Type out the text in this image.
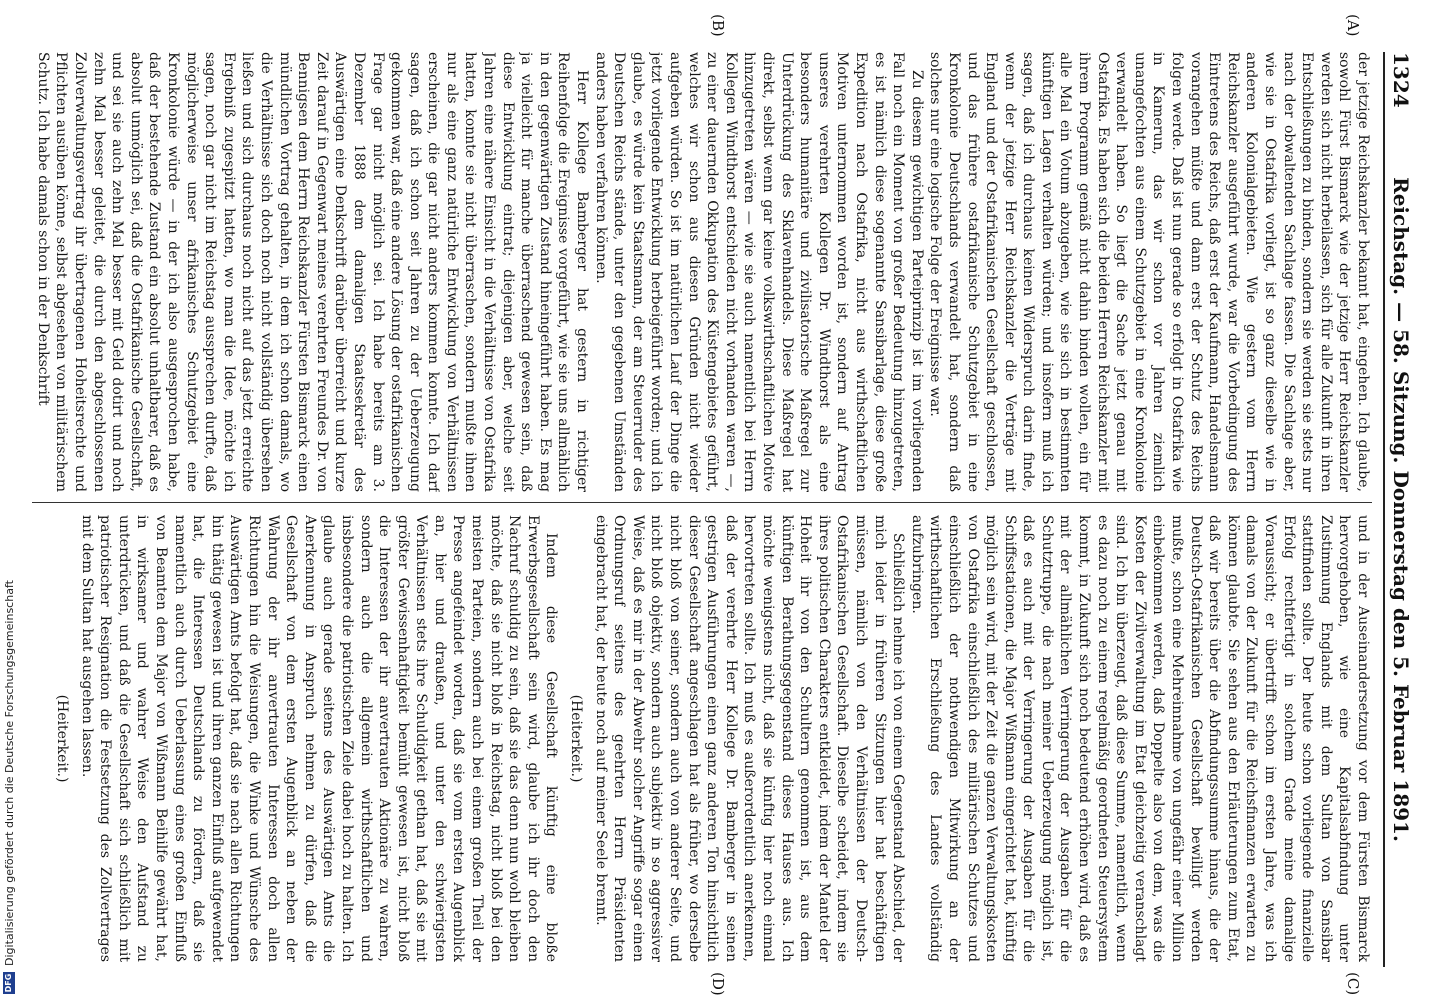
1324
Reichstag. — 58. Sitzung. Donnerstag den 5. Februar 1891.
(A)
(B)
(C)
(D)

der jetzige Reichskanzler bekannt hat, eingehen. Ich glaube, sowohl Fürst Bismarck wie der jetzige Herr Reichskanzler werden sich nicht herbeilassen, sich für alle Zukunft in ihren Entschließungen zu binden, sondern sie werden sie stets nur nach der obwaltenden Sachlage fassen. Die Sachlage aber, wie sie in Ostafrika vorliegt, ist so ganz dieselbe wie in anderen Kolonialgebieten. Wie gestern vom Herrn Reichskanzler ausgeführt wurde, war die Vorbedingung des Eintretens des Reichs, daß erst der Kaufmann, Handelsmann vorangehen müßte und dann erst der Schutz des Reichs folgen werde. Daß ist nun gerade so erfolgt in Ostafrika wie in Kamerun, das wir schon vor Jahren ziemlich unangefochten aus einem Schutzgebiet in eine Kronkolonie verwandelt haben. So liegt die Sache jetzt genau mit Ostafrika. Es haben sich die beiden Herren Reichskanzler mit ihrem Programm gemäß nicht dahin binden wollen, ein für alle Mal ein Votum abzugeben, wie sie sich in bestimmten künftigen Lagen verhalten würden; und insofern muß ich sagen, daß ich durchaus keinen Widerspruch darin finde, wenn der jetzige Herr Reichskanzler die Verträge mit England und der Ostafrikanischen Gesellschaft geschlossen, und das frühere ostafrikanische Schutzgebiet in eine Kronkolonie Deutschlands verwandelt hat, sondern daß solches nur eine logische Folge der Ereignisse war.

Zu diesem gewichtigen Parteiprinzip ist im vorliegenden Fall noch ein Moment von großer Bedeutung hinzugetreten, es ist nämlich diese sogenannte Sansibarlage, diese große Expedition nach Ostafrika, nicht aus wirthschaftlichen Motiven unternommen worden ist, sondern auf Antrag unseres verehrten Kollegen Dr. Windthorst als eine besonders humanitäre und zivilisatorische Maßregel zur Unterdrückung des Sklavenhandels. Diese Maßregel hat direkt, selbst wenn gar keine volkswirthschaftlichen Motive hinzugetreten wären — wie sie auch namentlich bei Herrn Kollegen Windthorst entschieden nicht vorhanden waren —, zu einer dauernden Okkupation des Küstengebietes geführt, welches wir schon aus diesen Gründen nicht wieder aufgeben würden. So ist im natürlichen Lauf der Dinge die jetzt vorliegende Entwicklung herbeigeführt worden; und ich glaube, es würde kein Staatsmann, der am Steuerruder des Deutschen Reichs stände, unter den gegebenen Umständen anders haben verfahren können.

Herr Kollege Bamberger hat gestern in richtiger Reihenfolge die Ereignisse vorgeführt, wie sie uns allmählich in den gegenwärtigen Zustand hineingeführt haben. Es mag ja vielleicht für manche überraschend gewesen sein, daß diese Entwicklung eintrat; diejenigen aber, welche seit Jahren eine nähere Einsicht in die Verhältnisse von Ostafrika hatten, konnte sie nicht überraschen, sondern mußte ihnen nur als eine ganz natürliche Entwicklung von Verhältnissen erscheinen, die gar nicht anders kommen konnte. Ich darf sagen, daß ich schon seit Jahren zu der Ueberzeugung gekommen war, daß eine andere Lösung der ostafrikanischen Frage gar nicht möglich sei. Ich habe bereits am 3. Dezember 1888 dem damaligen Staatssekretär des Auswärtigen eine Denkschrift darüber überreicht und kurze Zeit darauf in Gegenwart meines verehrten Freundes Dr. von Bennigsen dem Herrn Reichskanzler Fürsten Bismarck einen mündlichen Vortrag gehalten, in dem ich schon damals, wo die Verhältnisse sich doch noch nicht vollständig übersehen ließen und sich durchaus noch nicht auf das jetzt erreichte Ergebniß zugespitzt hatten, wo man die Idee, möchte ich sagen, noch gar nicht im Reichstag aussprechen durfte, daß möglicherweise unser afrikanisches Schutzgebiet eine Kronkolonie würde — in der ich also ausgesprochen habe, daß der bestehende Zustand ein absolut unhaltbarer, daß es absolut unmöglich sei, daß die Ostafrikanische Gesellschaft, und sei sie auch zehn Mal besser mit Geld dotirt und noch zehn Mal besser geleitet, die durch den abgeschlossenen Zollverwaltungsvertrag ihr übertragenen Hoheitsrechte und Pflichten ausüben könne, selbst abgesehen von militärischem Schutz. Ich habe damals schon in der Denkschrift

und in der Auseinandersetzung vor dem Fürsten Bismarck hervorgehoben, wie eine Kapitalsabfindung unter Zustimmung Englands mit dem Sultan von Sansibar stattfinden sollte. Der heute schon vorliegende finanzielle Erfolg rechtfertigt in solchem Grade meine damalige Voraussicht; er übertrifft schon im ersten Jahre, was ich damals von der Zukunft für die Reichsfinanzen erwarten zu können glaubte. Sie sehen aus den Erläuterungen zum Etat, daß wir bereits über die Abfindungssumme hinaus, die der Deutsch-Ostafrikanischen Gesellschaft bewilligt werden mußte, schon eine Mehreinnahme von ungefähr einer Million einbekommen werden, daß Doppelte also von dem, was die Kosten der Zivilverwaltung im Etat gleichzeitig veranschlagt sind. Ich bin überzeugt, daß diese Summe, namentlich, wenn es dazu noch zu einem regelmäßig geordneten Steuersystem kommt, in Zukunft sich noch bedeutend erhöhen wird, daß es mit der allmählichen Verringerung der Ausgaben für die Schutztruppe, die nach meiner Ueberzeugung möglich ist, daß es auch mit der Verringerung der Ausgaben für die Schiffsstationen, die Major Wißmann eingerichtet hat, künftig möglich sein wird, mit der Zeit die ganzen Verwaltungskosten von Ostafrika einschließlich des militärischen Schutzes und einschließlich der nothwendigen Mitwirkung an der wirthschaftlichen Erschließung des Landes vollständig aufzubringen.

Schließlich nehme ich von einem Gegenstand Abschied, der mich leider in früheren Sitzungen hier hat beschäftigen müssen, nämlich von den Verhältnissen der Deutsch-Ostafrikanischen Gesellschaft. Dieselbe scheidet, indem sie ihres politischen Charakters entkleidet, indem der Mantel der Hoheit ihr von den Schultern genommen ist, aus dem künftigen Berathungsgegenstand dieses Hauses aus. Ich möchte wenigstens nicht, daß sie künftig hier noch einmal hervortreten sollte. Ich muß es außerordentlich anerkennen, daß der verehrte Herr Kollege Dr. Bamberger in seinen gestrigen Ausführungen einen ganz anderen Ton hinsichtlich dieser Gesellschaft angeschlagen hat als früher, wo derselbe nicht bloß von seiner, sondern auch von anderer Seite, und nicht bloß objektiv, sondern auch subjektiv in so aggressiver Weise, daß es mir in der Abwehr solcher Angriffe sogar einen Ordnungsruf seitens des geehrten Herrn Präsidenten eingebracht hat, der heute noch auf meiner Seele brennt.

(Heiterkeit.)

Indem diese Gesellschaft künftig eine bloße Erwerbsgesellschaft sein wird, glaube ich ihr doch den Nachruf schuldig zu sein, daß sie das denn nun wohl bleiben möchte, daß sie nicht bloß in Reichstag, nicht bloß bei den meisten Parteien, sondern auch bei einem großen Theil der Presse angefeindet worden, daß sie vom ersten Augenblick an, hier und draußen, und unter den schwierigsten Verhältnissen stets ihre Schuldigkeit gethan hat, daß sie mit größter Gewissenhaftigkeit bemüht gewesen ist, nicht bloß die Interessen der ihr anvertrauten Aktionäre zu wahren, sondern auch die allgemein wirthschaftlichen und insbesondere die patriotischen Ziele dabei hoch zu halten. Ich glaube auch gerade seitens des Auswärtigen Amts die Anerkennung in Anspruch nehmen zu dürfen, daß die Gesellschaft von dem ersten Augenblick an neben der Wahrung der ihr anvertrauten Interessen doch allen Richtungen hin die Weisungen, die Winke und Wünsche des Auswärtigen Amts befolgt hat, daß sie nach allen Richtungen hin thätig gewesen ist und ihren ganzen Einfluß aufgewendet hat, die Interessen Deutschlands zu fördern, daß sie namentlich auch durch Ueberlassung eines großen Einfluß von Beamten dem Major von Wißmann Beihilfe gewährt hat, in wirksamer und wahrer Weise den Aufstand zu unterdrücken, und daß die Gesellschaft sich schließlich mit patriotischer Resignation die Festsetzung des Zollvertrages mit dem Sultan hat ausgehen lassen.

(Heiterkeit.)

DFG
Digitalisierung gefördert durch die Deutsche Forschungsgemeinschaft
